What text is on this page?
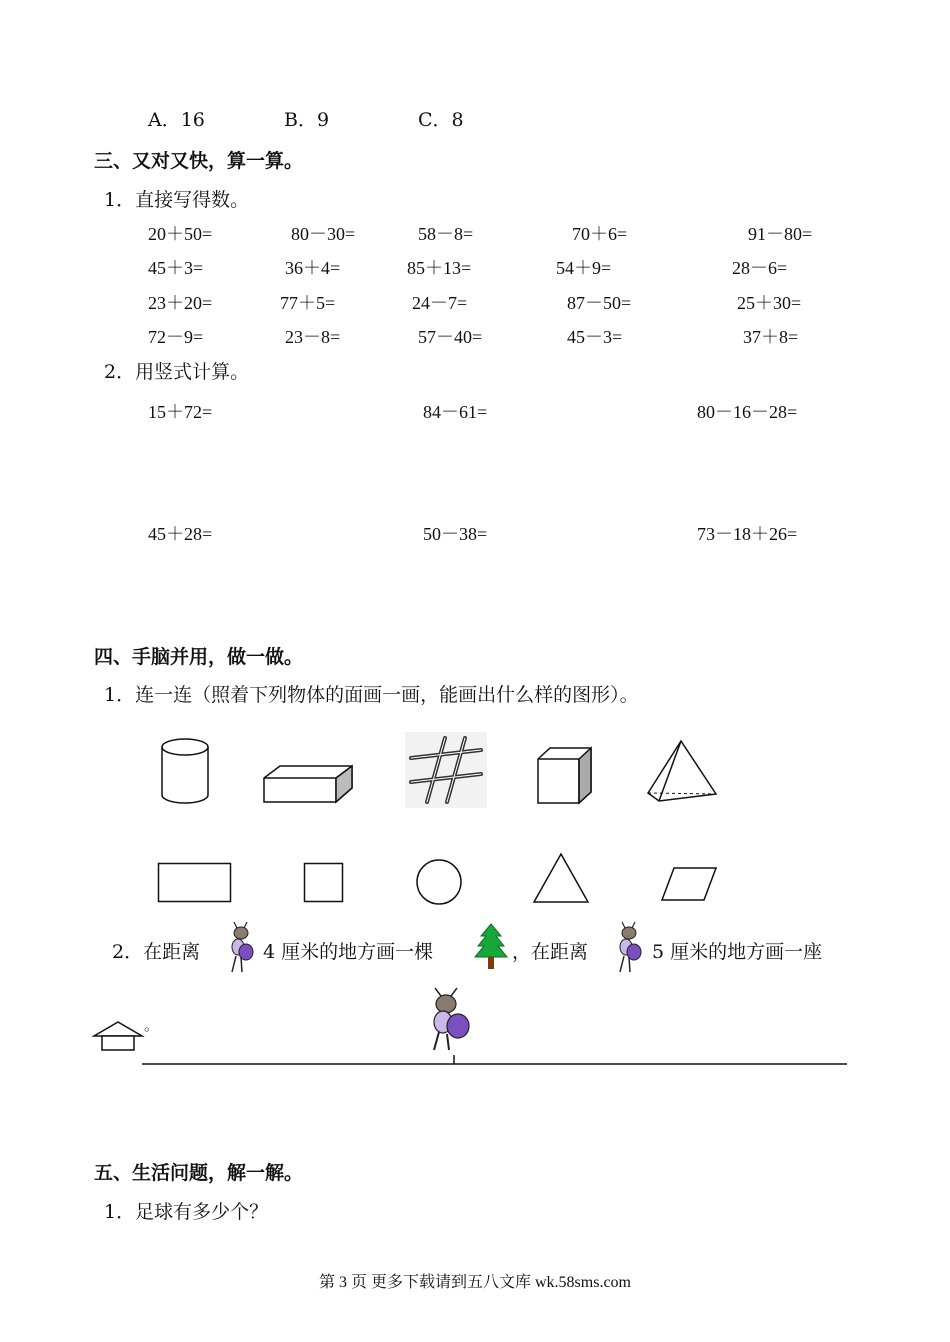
A．16	B．9	C．8
三、又对又快，算一算。
1．直接写得数。
20＋50=	80－30=	58－8=	70＋6=	91－80=
45＋3=	36＋4=	85＋13=	54＋9=	28－6=
23＋20=	77＋5=	24－7=	87－50=	25＋30=
72－9=	23－8=	57－40=	45－3=	37＋8=
2．用竖式计算。
15＋72=	84－61=	80－16－28=
45＋28=	50－38=	73－18＋26=
四、手脑并用，做一做。
1．连一连（照着下列物体的面画一画，能画出什么样的图形）。
2．在距离	4 厘米的地方画一棵	，在距离	5 厘米的地方画一座
。
五、生活问题，解一解。
1．足球有多少个？
第 3 页 更多下载请到五八文库 wk.58sms.com
